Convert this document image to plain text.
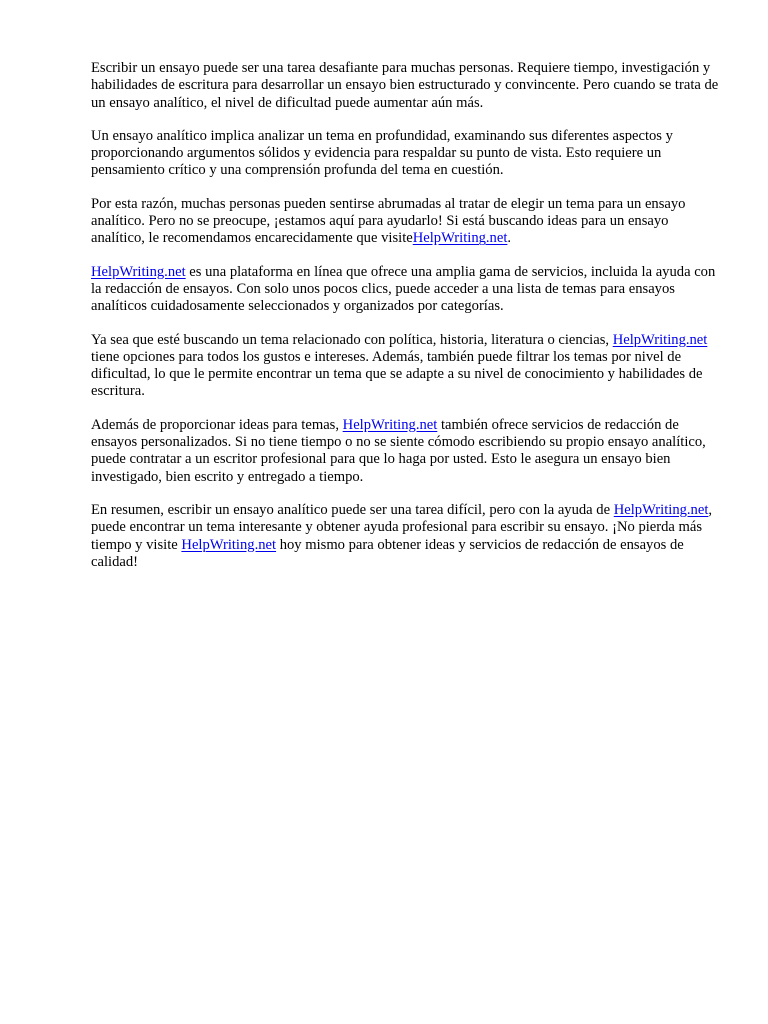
Escribir un ensayo puede ser una tarea desafiante para muchas personas. Requiere tiempo, investigación y habilidades de escritura para desarrollar un ensayo bien estructurado y convincente. Pero cuando se trata de un ensayo analítico, el nivel de dificultad puede aumentar aún más.

Un ensayo analítico implica analizar un tema en profundidad, examinando sus diferentes aspectos y proporcionando argumentos sólidos y evidencia para respaldar su punto de vista. Esto requiere un pensamiento crítico y una comprensión profunda del tema en cuestión.

Por esta razón, muchas personas pueden sentirse abrumadas al tratar de elegir un tema para un ensayo analítico. Pero no se preocupe, ¡estamos aquí para ayudarlo! Si está buscando ideas para un ensayo analítico, le recomendamos encarecidamente que visiteHelpWriting.net.

HelpWriting.net es una plataforma en línea que ofrece una amplia gama de servicios, incluida la ayuda con la redacción de ensayos. Con solo unos pocos clics, puede acceder a una lista de temas para ensayos analíticos cuidadosamente seleccionados y organizados por categorías.

Ya sea que esté buscando un tema relacionado con política, historia, literatura o ciencias, HelpWriting.net tiene opciones para todos los gustos e intereses. Además, también puede filtrar los temas por nivel de dificultad, lo que le permite encontrar un tema que se adapte a su nivel de conocimiento y habilidades de escritura.

Además de proporcionar ideas para temas, HelpWriting.net también ofrece servicios de redacción de ensayos personalizados. Si no tiene tiempo o no se siente cómodo escribiendo su propio ensayo analítico, puede contratar a un escritor profesional para que lo haga por usted. Esto le asegura un ensayo bien investigado, bien escrito y entregado a tiempo.

En resumen, escribir un ensayo analítico puede ser una tarea difícil, pero con la ayuda de HelpWriting.net, puede encontrar un tema interesante y obtener ayuda profesional para escribir su ensayo. ¡No pierda más tiempo y visite HelpWriting.net hoy mismo para obtener ideas y servicios de redacción de ensayos de calidad!
